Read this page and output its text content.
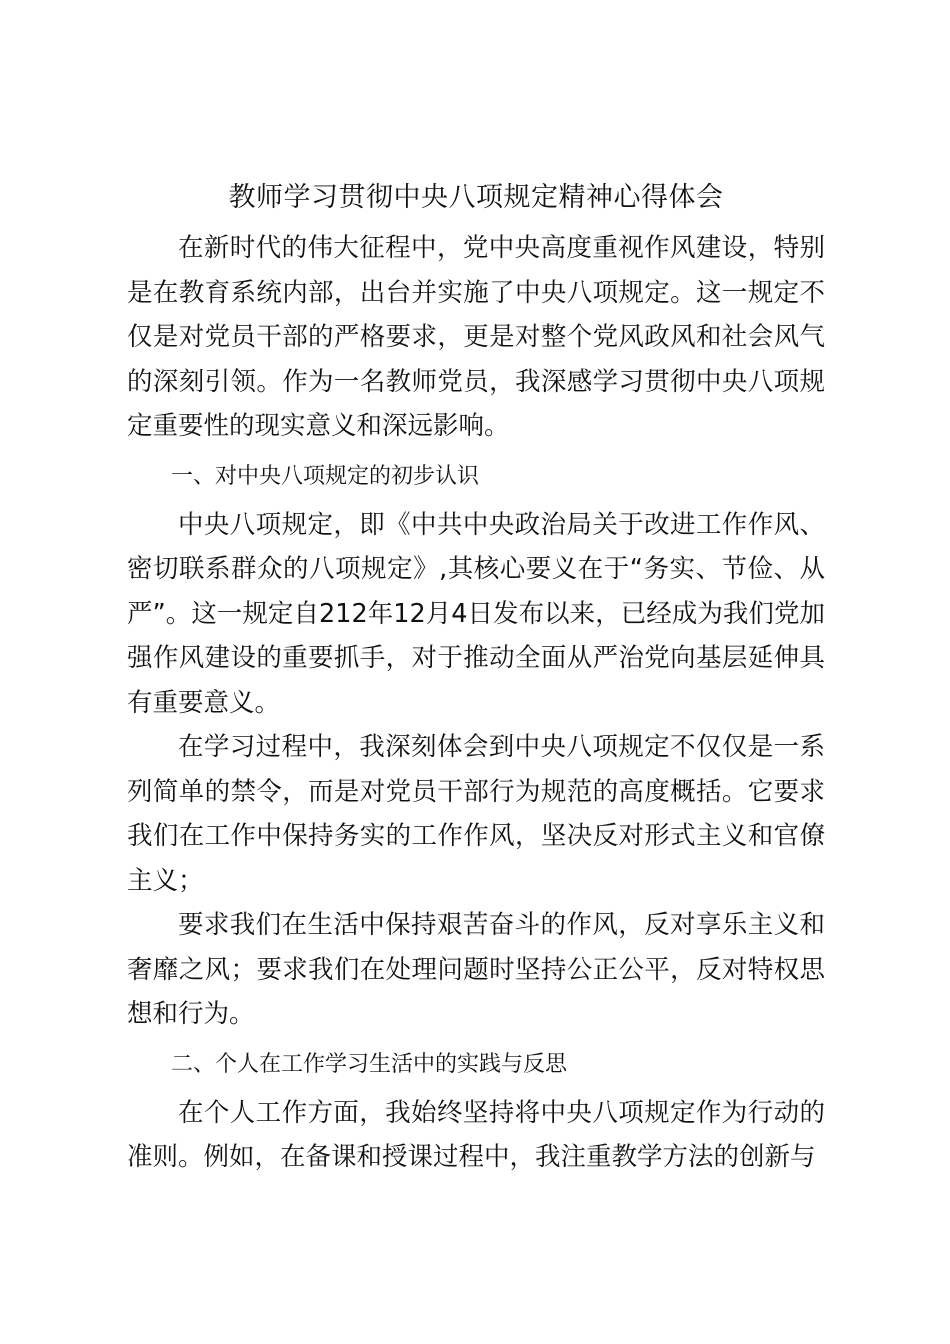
教师学习贯彻中央八项规定精神心得体会

在新时代的伟大征程中，党中央高度重视作风建设，特别是在教育系统内部，出台并实施了中央八项规定。这一规定不仅是对党员干部的严格要求，更是对整个党风政风和社会风气的深刻引领。作为一名教师党员，我深感学习贯彻中央八项规定重要性的现实意义和深远影响。

一、对中央八项规定的初步认识

中央八项规定，即《中共中央政治局关于改进工作作风、密切联系群众的八项规定》,其核心要义在于“务实、节俭、从严”。这一规定自212年12月4日发布以来，已经成为我们党加强作风建设的重要抓手，对于推动全面从严治党向基层延伸具有重要意义。

在学习过程中，我深刻体会到中央八项规定不仅仅是一系列简单的禁令，而是对党员干部行为规范的高度概括。它要求我们在工作中保持务实的工作作风，坚决反对形式主义和官僚主义；

要求我们在生活中保持艰苦奋斗的作风，反对享乐主义和奢靡之风；要求我们在处理问题时坚持公正公平，反对特权思想和行为。

二、个人在工作学习生活中的实践与反思

在个人工作方面，我始终坚持将中央八项规定作为行动的准则。例如，在备课和授课过程中，我注重教学方法的创新与
